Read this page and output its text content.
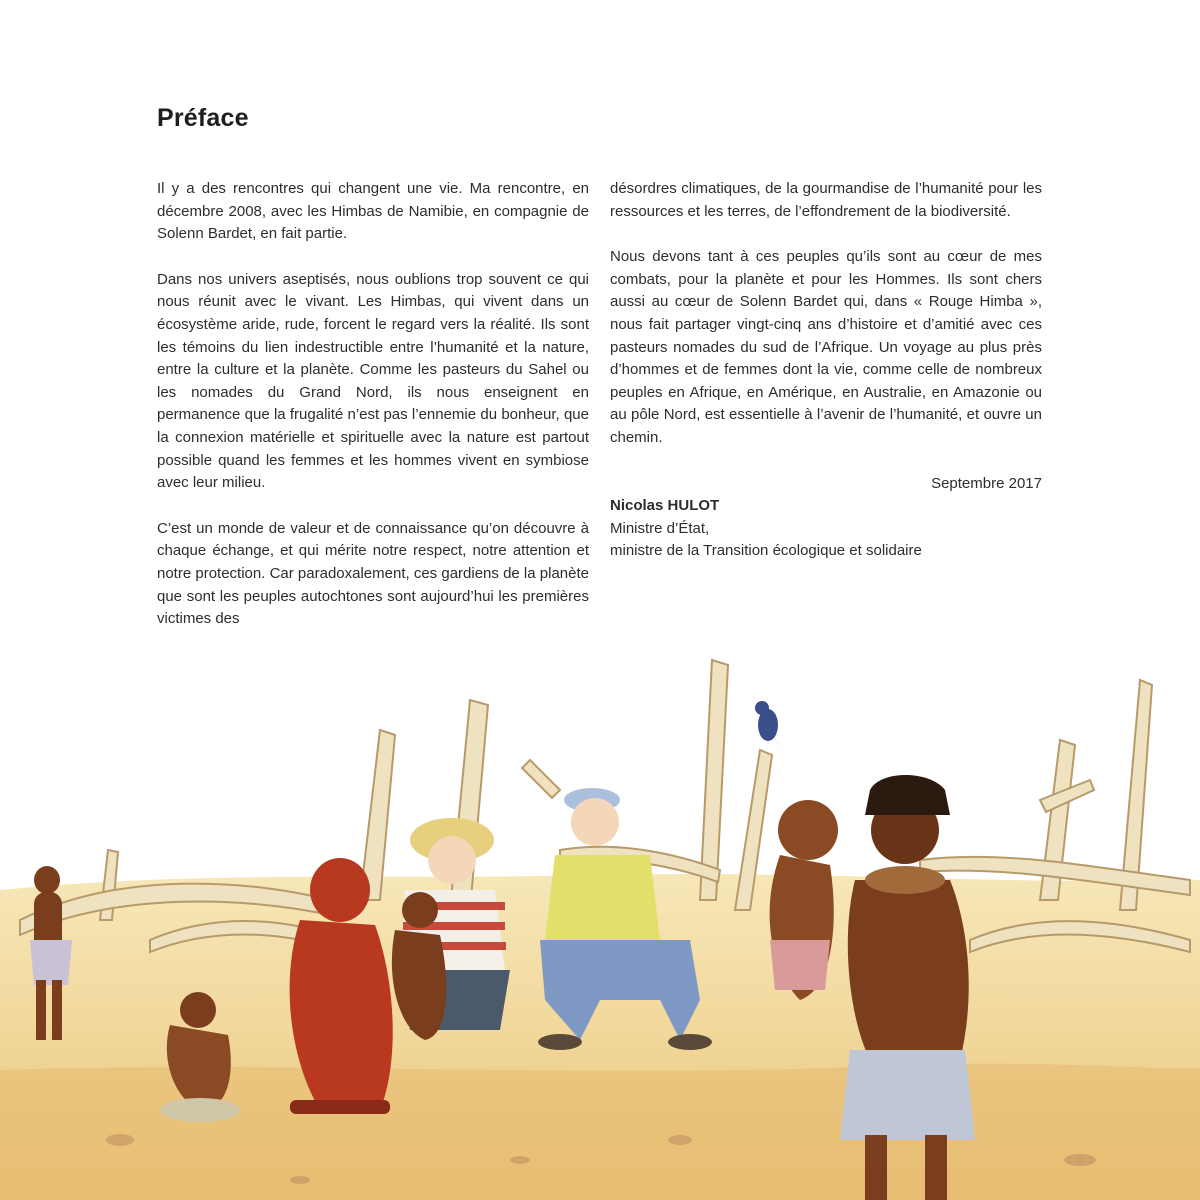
Préface

Il y a des rencontres qui changent une vie. Ma rencontre, en décembre 2008, avec les Himbas de Namibie, en compagnie de Solenn Bardet, en fait partie.

Dans nos univers aseptisés, nous oublions trop souvent ce qui nous réunit avec le vivant. Les Himbas, qui vivent dans un écosystème aride, rude, forcent le regard vers la réalité. Ils sont les témoins du lien indestructible entre l’humanité et la nature, entre la culture et la planète. Comme les pasteurs du Sahel ou les nomades du Grand Nord, ils nous enseignent en permanence que la frugalité n’est pas l’ennemie du bonheur, que la connexion matérielle et spirituelle avec la nature est partout possible quand les femmes et les hommes vivent en symbiose avec leur milieu.

C’est un monde de valeur et de connaissance qu’on découvre à chaque échange, et qui mérite notre respect, notre attention et notre protection. Car paradoxalement, ces gardiens de la planète que sont les peuples autochtones sont aujourd’hui les premières victimes des

désordres climatiques, de la gourmandise de l’humanité pour les ressources et les terres, de l’effondrement de la biodiversité.

Nous devons tant à ces peuples qu’ils sont au cœur de mes combats, pour la planète et pour les Hommes. Ils sont chers aussi au cœur de Solenn Bardet qui, dans « Rouge Himba », nous fait partager vingt-cinq ans d’histoire et d’amitié avec ces pasteurs nomades du sud de l’Afrique. Un voyage au plus près d’hommes et de femmes dont la vie, comme celle de nombreux peuples en Afrique, en Amérique, en Australie, en Amazonie ou au pôle Nord, est essentielle à l’avenir de l’humanité, et ouvre un chemin.

Septembre 2017

Nicolas HULOT

Ministre d’État,

ministre de la Transition écologique et solidaire
